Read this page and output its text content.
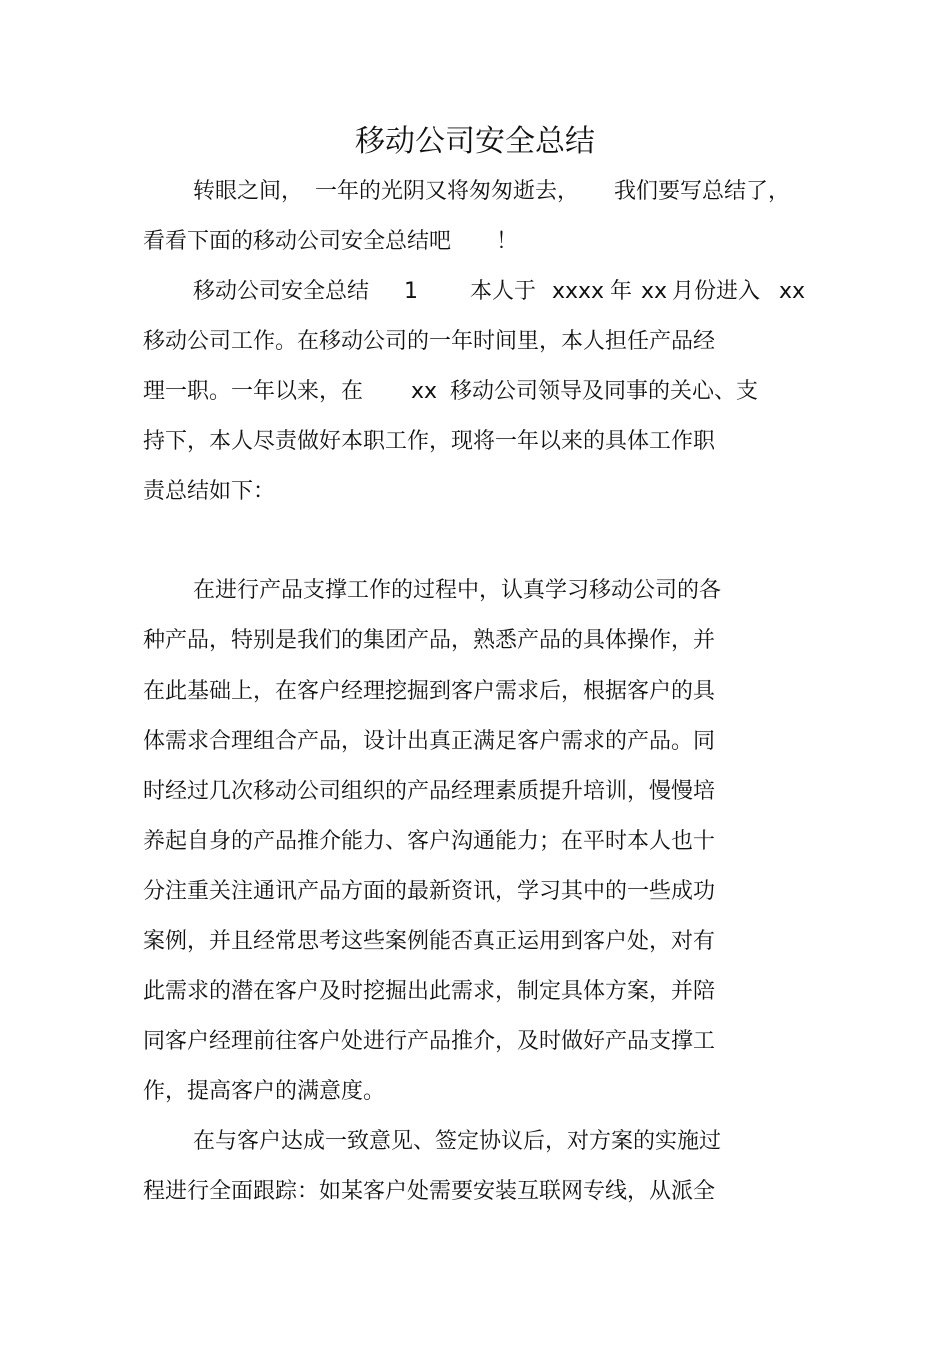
移动公司安全总结
转眼之间， 一年的光阴又将匆匆逝去， 我们要写总结了，
看看下面的移动公司安全总结吧 ！
移动公司安全总结 1 本人于 xxxx 年 xx 月份进入 xx
移动公司工作。在移动公司的一年时间里，本人担任产品经
理一职。一年以来，在 xx 移动公司领导及同事的关心、支
持下，本人尽责做好本职工作，现将一年以来的具体工作职
责总结如下：
在进行产品支撑工作的过程中，认真学习移动公司的各
种产品，特别是我们的集团产品，熟悉产品的具体操作，并
在此基础上，在客户经理挖掘到客户需求后，根据客户的具
体需求合理组合产品，设计出真正满足客户需求的产品。同
时经过几次移动公司组织的产品经理素质提升培训，慢慢培
养起自身的产品推介能力、客户沟通能力；在平时本人也十
分注重关注通讯产品方面的最新资讯，学习其中的一些成功
案例，并且经常思考这些案例能否真正运用到客户处，对有
此需求的潜在客户及时挖掘出此需求，制定具体方案，并陪
同客户经理前往客户处进行产品推介，及时做好产品支撑工
作，提高客户的满意度。
在与客户达成一致意见、签定协议后，对方案的实施过
程进行全面跟踪：如某客户处需要安装互联网专线，从派全
